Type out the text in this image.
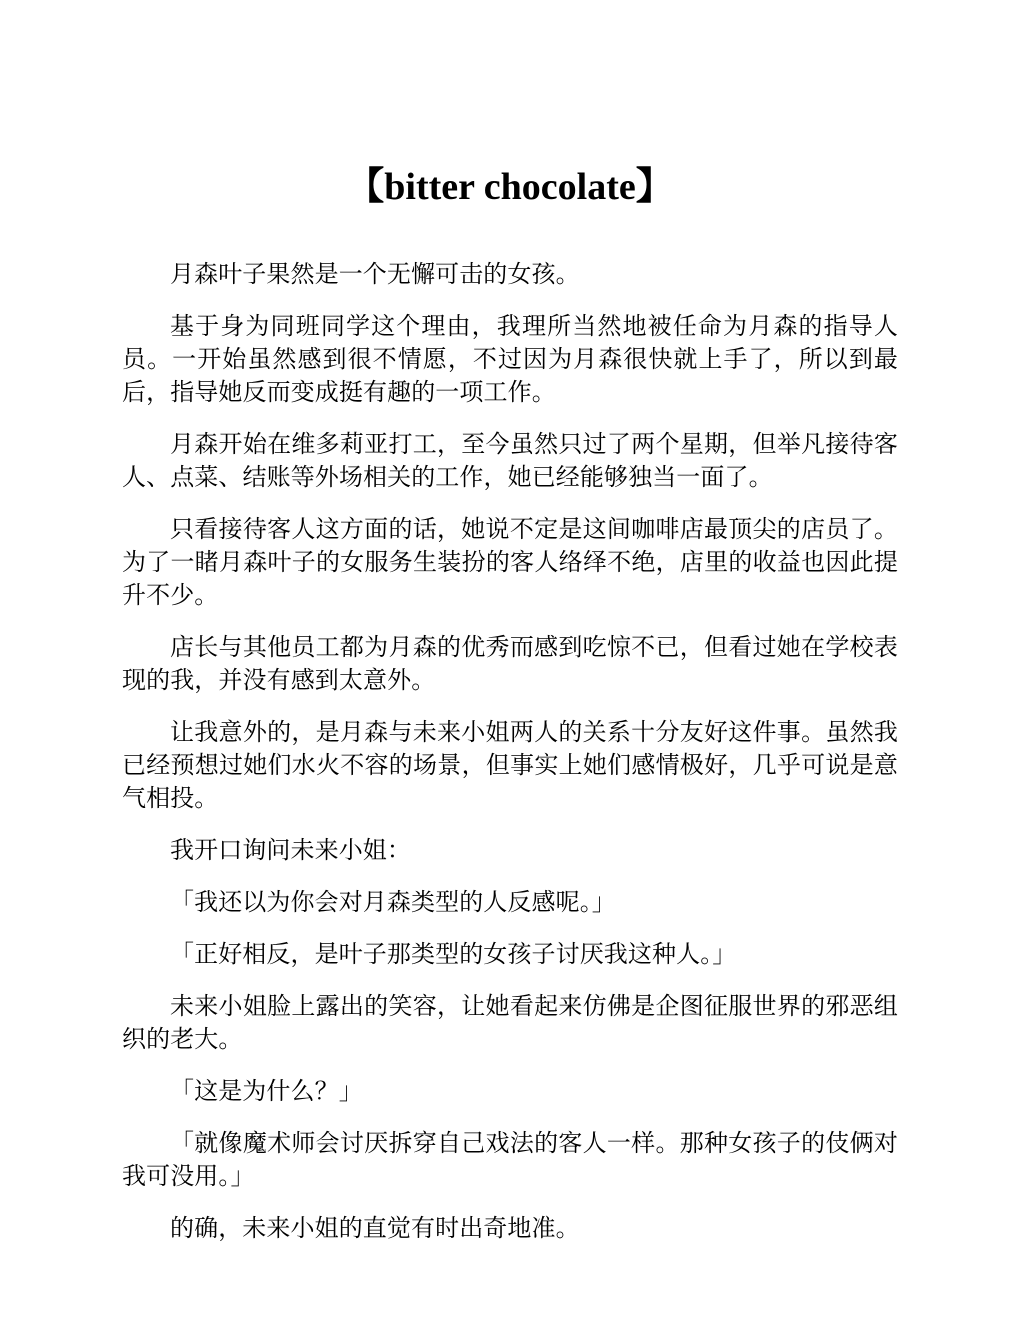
【bitter chocolate】

月森叶子果然是一个无懈可击的女孩。

基于身为同班同学这个理由，我理所当然地被任命为月森的指导人员。一开始虽然感到很不情愿，不过因为月森很快就上手了，所以到最后，指导她反而变成挺有趣的一项工作。

月森开始在维多莉亚打工，至今虽然只过了两个星期，但举凡接待客人、点菜、结账等外场相关的工作，她已经能够独当一面了。

只看接待客人这方面的话，她说不定是这间咖啡店最顶尖的店员了。为了一睹月森叶子的女服务生装扮的客人络绎不绝，店里的收益也因此提升不少。

店长与其他员工都为月森的优秀而感到吃惊不已，但看过她在学校表现的我，并没有感到太意外。

让我意外的，是月森与未来小姐两人的关系十分友好这件事。虽然我已经预想过她们水火不容的场景，但事实上她们感情极好，几乎可说是意气相投。

我开口询问未来小姐：

「我还以为你会对月森类型的人反感呢。」

「正好相反，是叶子那类型的女孩子讨厌我这种人。」

未来小姐脸上露出的笑容，让她看起来仿佛是企图征服世界的邪恶组织的老大。

「这是为什么？」

「就像魔术师会讨厌拆穿自己戏法的客人一样。那种女孩子的伎俩对我可没用。」

的确，未来小姐的直觉有时出奇地准。
